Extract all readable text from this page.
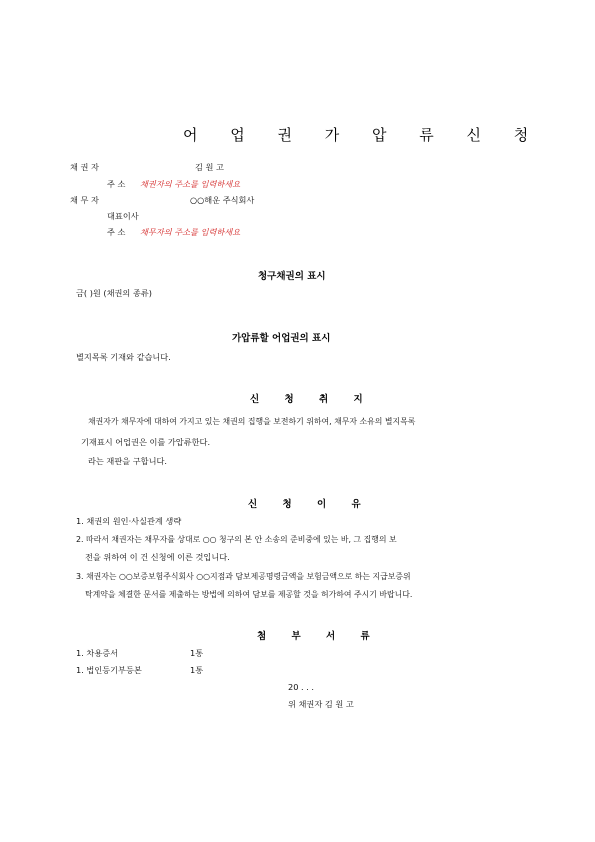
어 업 권 가 압 류 신 청
채 권 자	김 원 고
주 소 채권자의 주소를 입력하세요
채 무 자	○○해운 주식회사
대표이사
주 소 채무자의 주소를 입력하세요
청구채권의 표시
금( )원 (채권의 종류)
가압류할 어업권의 표시
별지목록 기재와 같습니다.
신 청 취 지
채권자가 채무자에 대하여 가지고 있는 채권의 집행을 보전하기 위하여, 채무자 소유의 별지목록
기재표시 어업권은 이를 가압류한다.
라는 재판을 구합니다.
신 청 이 유
1. 채권의 원인·사실관계 생략
2. 따라서 채권자는 채무자를 상대로 ○○ 청구의 본 안 소송의 준비중에 있는 바, 그 집행의 보
전을 위하여 이 건 신청에 이른 것입니다.
3. 채권자는 ○○보증보험주식회사 ○○지점과 담보제공명령금액을 보험금액으로 하는 지급보증위
탁계약을 체결한 문서를 제출하는 방법에 의하여 담보를 제공할 것을 허가하여 주시기 바랍니다.
첨 부 서 류
1. 차용증서	1통
1. 법인등기부등본	1통
20 . . .
위 채권자 김 원 고
